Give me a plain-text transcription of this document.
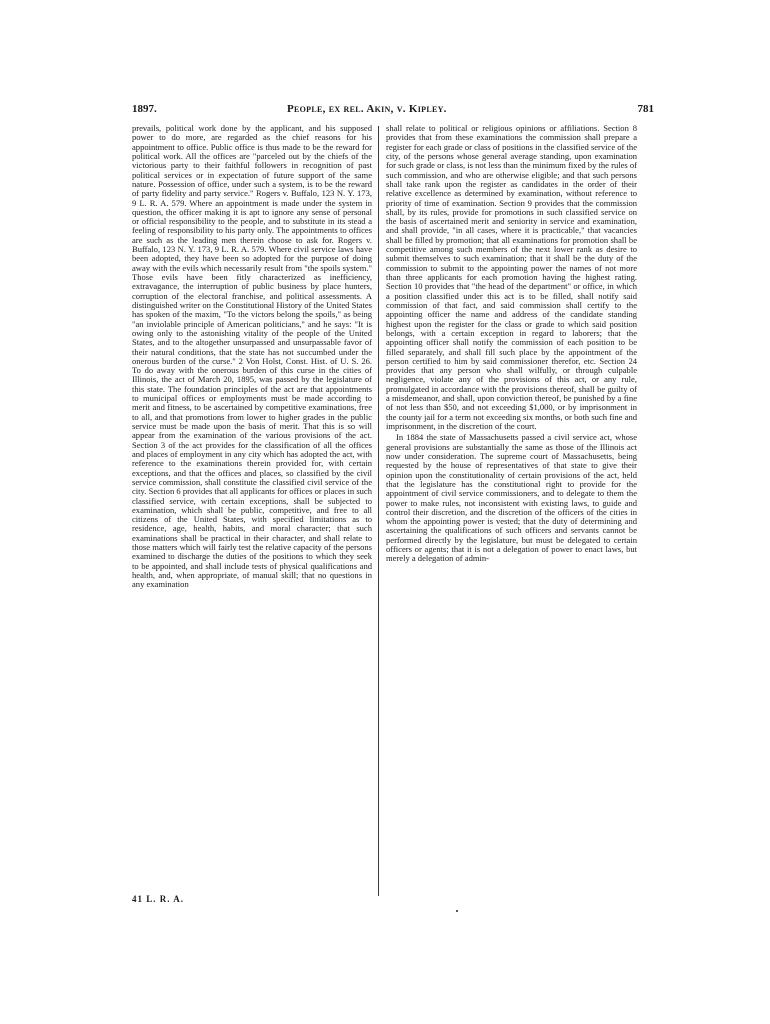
1897.	People, ex rel. Akin, v. Kipley.	781

prevails, political work done by the applicant, and his supposed power to do more, are regarded as the chief reasons for his appointment to office. Public office is thus made to be the reward for political work. All the offices are "parceled out by the chiefs of the victorious party to their faithful followers in recognition of past political services or in expectation of future support of the same nature. Possession of office, under such a system, is to be the reward of party fidelity and party service." Rogers v. Buffalo, 123 N. Y. 173, 9 L. R. A. 579. Where an appointment is made under the system in question, the officer making it is apt to ignore any sense of personal or official responsibility to the people, and to substitute in its stead a feeling of responsibility to his party only. The appointments to offices are such as the leading men therein choose to ask for. Rogers v. Buffalo, 123 N. Y. 173, 9 L. R. A. 579. Where civil service laws have been adopted, they have been so adopted for the purpose of doing away with the evils which necessarily result from "the spoils system." Those evils have been fitly characterized as inefficiency, extravagance, the interruption of public business by place hunters, corruption of the electoral franchise, and political assessments. A distinguished writer on the Constitutional History of the United States has spoken of the maxim, "To the victors belong the spoils," as being "an inviolable principle of American politicians," and he says: "It is owing only to the astonishing vitality of the people of the United States, and to the altogether unsurpassed and unsurpassable favor of their natural conditions, that the state has not succumbed under the onerous burden of the curse." 2 Von Holst, Const. Hist. of U. S. 26. To do away with the onerous burden of this curse in the cities of Illinois, the act of March 20, 1895, was passed by the legislature of this state. The foundation principles of the act are that appointments to municipal offices or employments must be made according to merit and fitness, to be ascertained by competitive examinations, free to all, and that promotions from lower to higher grades in the public service must be made upon the basis of merit. That this is so will appear from the examination of the various provisions of the act. Section 3 of the act provides for the classification of all the offices and places of employment in any city which has adopted the act, with reference to the examinations therein provided for, with certain exceptions, and that the offices and places, so classified by the civil service commission, shall constitute the classified civil service of the city. Section 6 provides that all applicants for offices or places in such classified service, with certain exceptions, shall be subjected to examination, which shall be public, competitive, and free to all citizens of the United States, with specified limitations as to residence, age, health, habits, and moral character; that such examinations shall be practical in their character, and shall relate to those matters which will fairly test the relative capacity of the persons examined to discharge the duties of the positions to which they seek to be appointed, and shall include tests of physical qualifications and health, and, when appropriate, of manual skill; that no questions in any examination

shall relate to political or religious opinions or affiliations. Section 8 provides that from these examinations the commission shall prepare a register for each grade or class of positions in the classified service of the city, of the persons whose general average standing, upon examination for such grade or class, is not less than the minimum fixed by the rules of such commission, and who are otherwise eligible; and that such persons shall take rank upon the register as candidates in the order of their relative excellence as determined by examination, without reference to priority of time of examination. Section 9 provides that the commission shall, by its rules, provide for promotions in such classified service on the basis of ascertained merit and seniority in service and examination, and shall provide, "in all cases, where it is practicable," that vacancies shall be filled by promotion; that all examinations for promotion shall be competitive among such members of the next lower rank as desire to submit themselves to such examination; that it shall be the duty of the commission to submit to the appointing power the names of not more than three applicants for each promotion having the highest rating. Section 10 provides that "the head of the department" or office, in which a position classified under this act is to be filled, shall notify said commission of that fact, and said commission shall certify to the appointing officer the name and address of the candidate standing highest upon the register for the class or grade to which said position belongs, with a certain exception in regard to laborers; that the appointing officer shall notify the commission of each position to be filled separately, and shall fill such place by the appointment of the person certified to him by said commissioner therefor, etc. Section 24 provides that any person who shall wilfully, or through culpable negligence, violate any of the provisions of this act, or any rule, promulgated in accordance with the provisions thereof, shall be guilty of a misdemeanor, and shall, upon conviction thereof, be punished by a fine of not less than $50, and not exceeding $1,000, or by imprisonment in the county jail for a term not exceeding six months, or both such fine and imprisonment, in the discretion of the court.

In 1884 the state of Massachusetts passed a civil service act, whose general provisions are substantially the same as those of the Illinois act now under consideration. The supreme court of Massachusetts, being requested by the house of representatives of that state to give their opinion upon the constitutionality of certain provisions of the act, held that the legislature has the constitutional right to provide for the appointment of civil service commissioners, and to delegate to them the power to make rules, not inconsistent with existing laws, to guide and control their discretion, and the discretion of the officers of the cities in whom the appointing power is vested; that the duty of determining and ascertaining the qualifications of such officers and servants cannot be performed directly by the legislature, but must be delegated to certain officers or agents; that it is not a delegation of power to enact laws, but merely a delegation of admin-

41 L. R. A.
